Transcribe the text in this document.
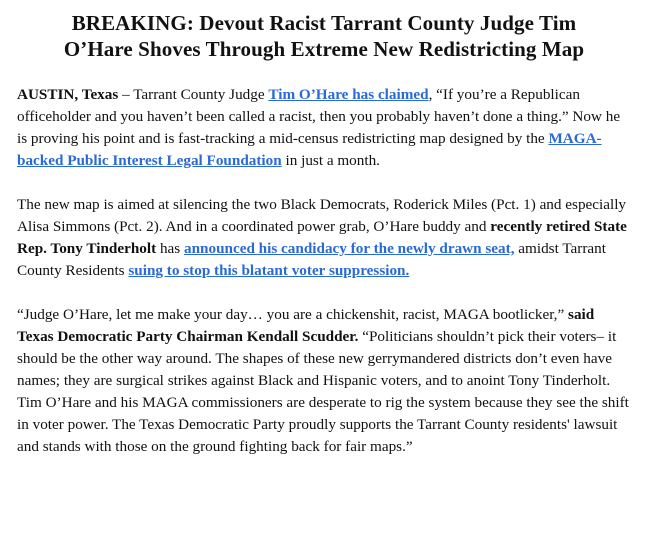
BREAKING: Devout Racist Tarrant County Judge Tim
O’Hare Shoves Through Extreme New Redistricting Map

AUSTIN, Texas – Tarrant County Judge Tim O’Hare has claimed, “If you’re a Republican officeholder and you haven’t been called a racist, then you probably haven’t done a thing.” Now he is proving his point and is fast-tracking a mid-census redistricting map designed by the MAGA-backed Public Interest Legal Foundation in just a month.

The new map is aimed at silencing the two Black Democrats, Roderick Miles (Pct. 1) and especially Alisa Simmons (Pct. 2). And in a coordinated power grab, O’Hare buddy and recently retired State Rep. Tony Tinderholt has announced his candidacy for the newly drawn seat, amidst Tarrant County Residents suing to stop this blatant voter suppression.

“Judge O’Hare, let me make your day… you are a chickenshit, racist, MAGA bootlicker,” said Texas Democratic Party Chairman Kendall Scudder. “Politicians shouldn’t pick their voters– it should be the other way around. The shapes of these new gerrymandered districts don’t even have names; they are surgical strikes against Black and Hispanic voters, and to anoint Tony Tinderholt. Tim O’Hare and his MAGA commissioners are desperate to rig the system because they see the shift in voter power. The Texas Democratic Party proudly supports the Tarrant County residents' lawsuit and stands with those on the ground fighting back for fair maps.”
